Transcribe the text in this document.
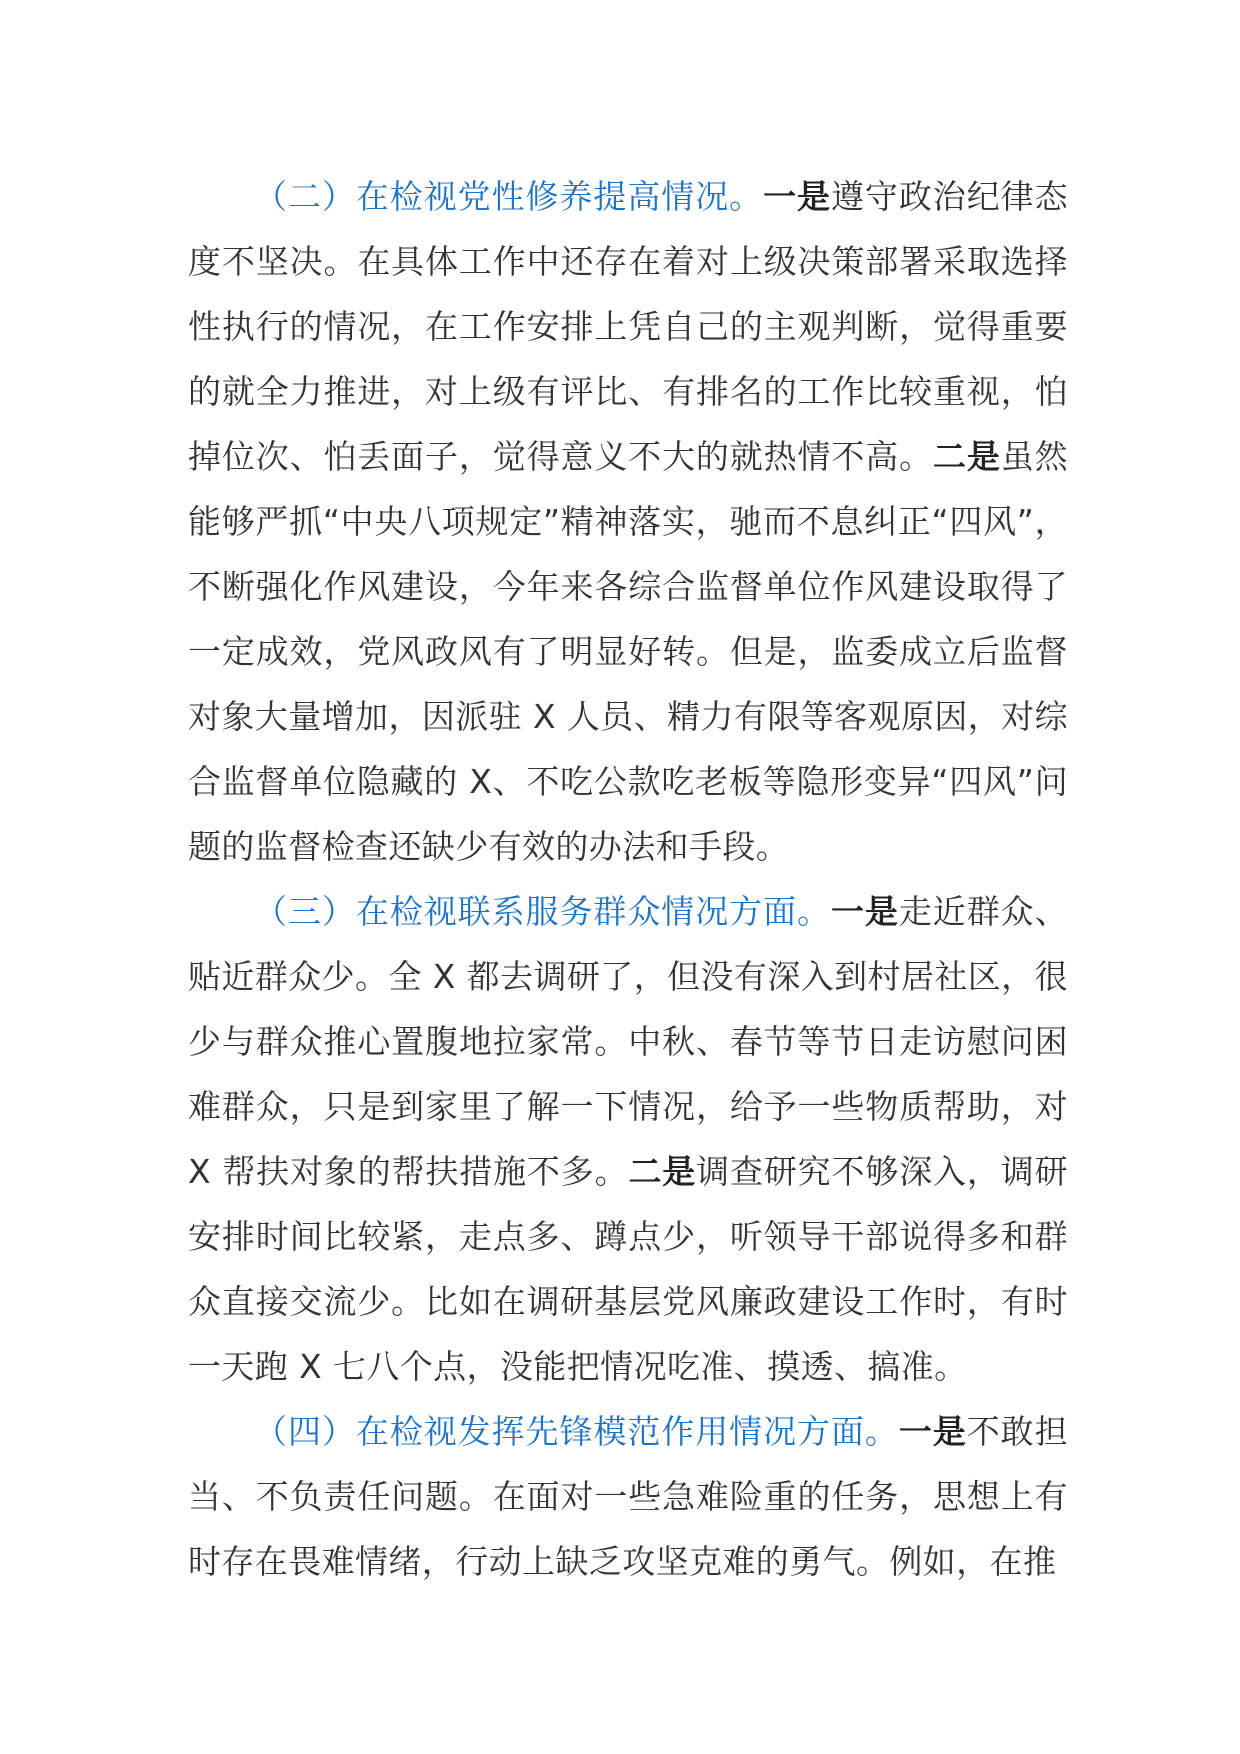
（二）在检视党性修养提高情况。一是遵守政治纪律态度不坚决。在具体工作中还存在着对上级决策部署采取选择性执行的情况，在工作安排上凭自己的主观判断，觉得重要的就全力推进，对上级有评比、有排名的工作比较重视，怕掉位次、怕丢面子，觉得意义不大的就热情不高。二是虽然能够严抓“中央八项规定”精神落实，驰而不息纠正“四风”，不断强化作风建设，今年来各综合监督单位作风建设取得了一定成效，党风政风有了明显好转。但是，监委成立后监督对象大量增加，因派驻 X 人员、精力有限等客观原因，对综合监督单位隐藏的 X、不吃公款吃老板等隐形变异“四风”问题的监督检查还缺少有效的办法和手段。

（三）在检视联系服务群众情况方面。一是走近群众、贴近群众少。全 X 都去调研了，但没有深入到村居社区，很少与群众推心置腹地拉家常。中秋、春节等节日走访慰问困难群众，只是到家里了解一下情况，给予一些物质帮助，对 X 帮扶对象的帮扶措施不多。二是调查研究不够深入，调研安排时间比较紧，走点多、蹲点少，听领导干部说得多和群众直接交流少。比如在调研基层党风廉政建设工作时，有时一天跑 X 七八个点，没能把情况吃准、摸透、搞准。

（四）在检视发挥先锋模范作用情况方面。一是不敢担当、不负责任问题。在面对一些急难险重的任务，思想上有时存在畏难情绪，行动上缺乏攻坚克难的勇气。例如，在推
